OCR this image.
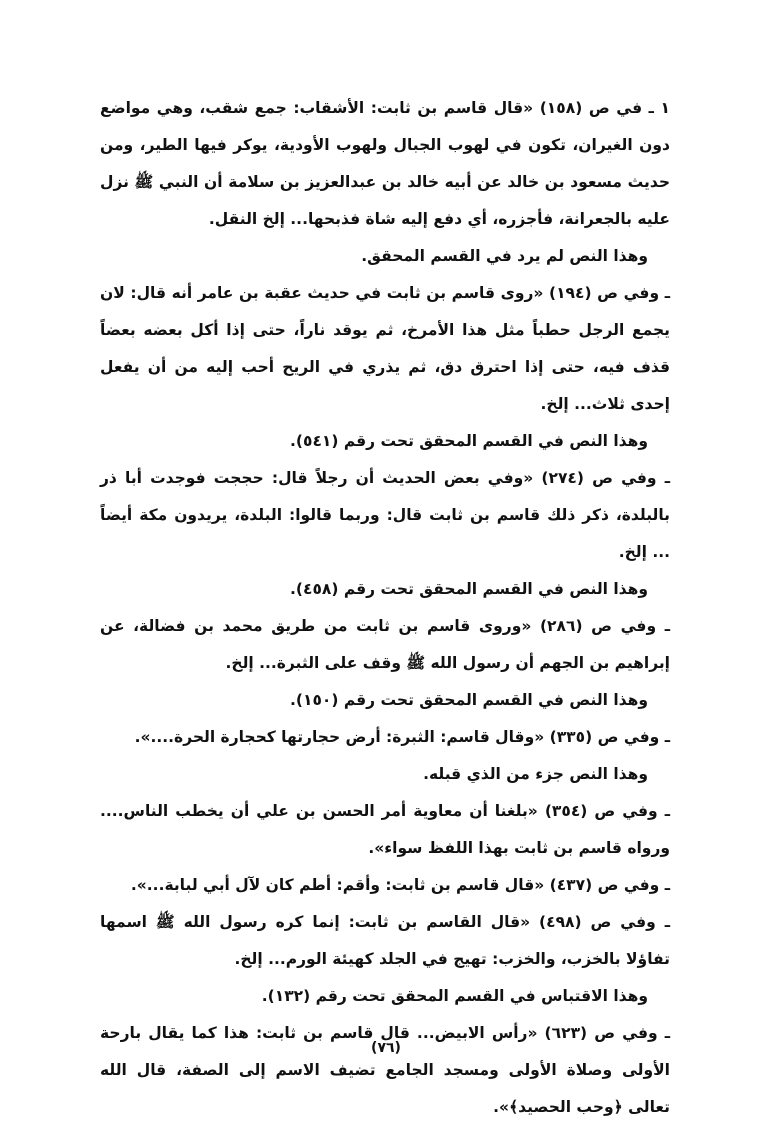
١ ـ في ص (١٥٨) «قال قاسم بن ثابت: الأشقاب: جمع شقب، وهي مواضع دون الغيران، تكون في لهوب الجبال ولهوب الأودية، يوكر فيها الطير، ومن حديث مسعود بن خالد عن أبيه خالد بن عبدالعزيز بن سلامة أن النبي ﷺ نزل عليه بالجعرانة، فأجزره، أي دفع إليه شاة فذبحها... إلخ النقل.

وهذا النص لم يرد في القسم المحقق.

ـ وفي ص (١٩٤) «روى قاسم بن ثابت في حديث عقبة بن عامر أنه قال: لان يجمع الرجل حطباً مثل هذا الأمرخ، ثم يوقد ناراً، حتى إذا أكل بعضه بعضاً قذف فيه، حتى إذا احترق دق، ثم يذري في الريح أحب إليه من أن يفعل إحدى ثلاث... إلخ.

وهذا النص في القسم المحقق تحت رقم (٥٤١).

ـ وفي ص (٢٧٤) «وفي بعض الحديث أن رجلاً قال: حججت فوجدت أبا ذر بالبلدة، ذكر ذلك قاسم بن ثابت قال: وربما قالوا: البلدة، يريدون مكة أيضاً ... إلخ.

وهذا النص في القسم المحقق تحت رقم (٤٥٨).

ـ وفي ص (٢٨٦) «وروى قاسم بن ثابت من طريق محمد بن فضالة، عن إبراهيم بن الجهم أن رسول الله ﷺ وقف على الثبرة... إلخ.

وهذا النص في القسم المحقق تحت رقم (١٥٠).

ـ وفي ص (٣٣٥) «وقال قاسم: الثبرة: أرض حجارتها كحجارة الحرة....».

وهذا النص جزء من الذي قبله.

ـ وفي ص (٣٥٤) «بلغنا أن معاوية أمر الحسن بن علي أن يخطب الناس.... ورواه قاسم بن ثابت بهذا اللفظ سواء».

ـ وفي ص (٤٣٧) «قال قاسم بن ثابت: وأقم: أطم كان لآل أبي لبابة...».

ـ وفي ص (٤٩٨) «قال القاسم بن ثابت: إنما كره رسول الله ﷺ اسمها تفاؤلا بالخزب، والخزب: تهيج في الجلد كهيئة الورم... إلخ.

وهذا الاقتباس في القسم المحقق تحت رقم (١٣٢).

ـ وفي ص (٦٢٣) «رأس الابيض... قال قاسم بن ثابت: هذا كما يقال بارحة الأولى وصلاة الأولى ومسجد الجامع تضيف الاسم إلى الصفة، قال الله تعالى ﴿وحب الحصيد﴾».

(٧٦)
